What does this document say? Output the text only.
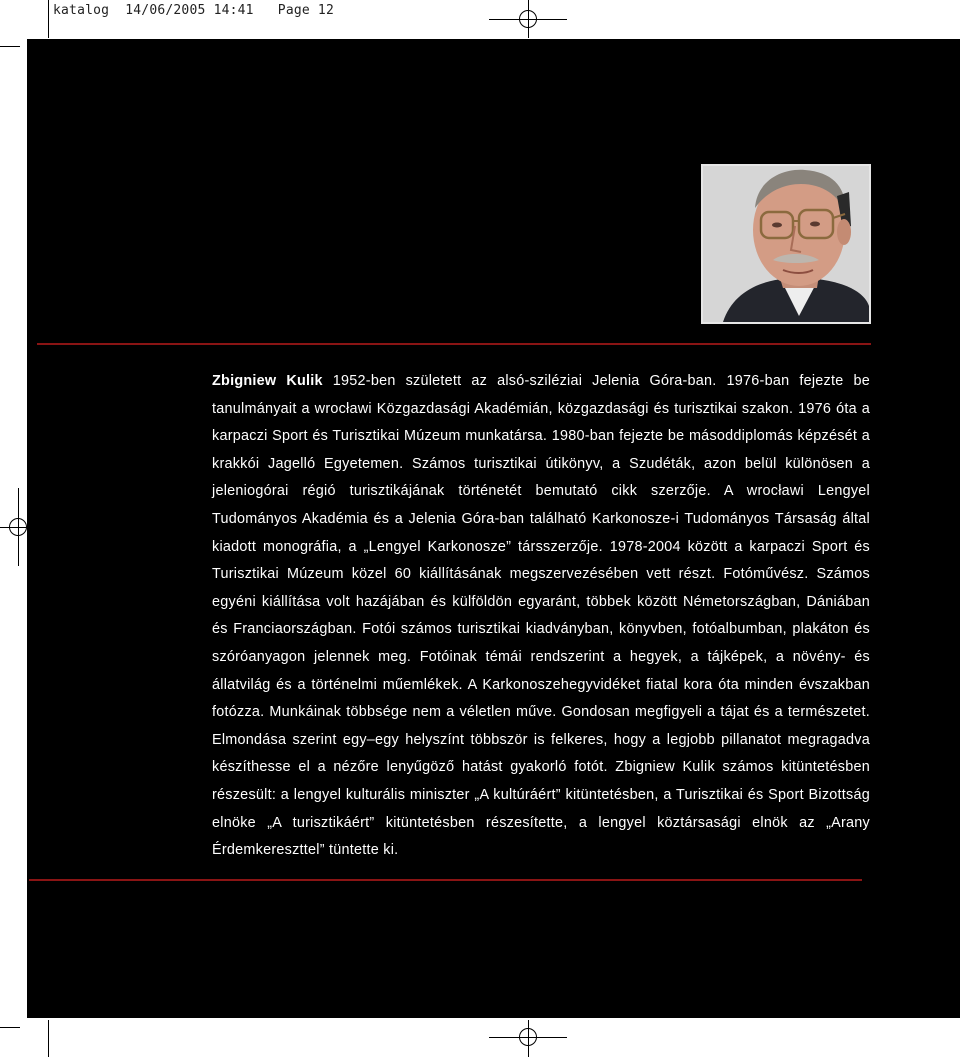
katalog 14/06/2005 14:41 Page 12

Zbigniew Kulik 1952-ben született az alsó-sziléziai Jelenia Góra-ban. 1976-ban fejezte be tanulmányait a wrocławi Közgazdasági Akadémián, közgazdasági és turisztikai szakon. 1976 óta a karpaczi Sport és Turisztikai Múzeum munkatársa. 1980-ban fejezte be másoddiplomás képzését a krakkói Jagelló Egyetemen. Számos turisztikai útikönyv, a Szudéták, azon belül különösen a jeleniogórai régió turisztikájának történetét bemutató cikk szerzője. A wrocławi Lengyel Tudományos Akadémia és a Jelenia Góra-ban található Karkonosze-i Tudományos Társaság által kiadott monográfia, a „Lengyel Karkonosze” társszerzője. 1978-2004 között a karpaczi Sport és Turisztikai Múzeum közel 60 kiállításának megszervezésében vett részt. Fotóművész. Számos egyéni kiállítása volt hazájában és külföldön egyaránt, többek között Németországban, Dániában és Franciaországban. Fotói számos turisztikai kiadványban, könyvben, fotóalbumban, plakáton és szóróanyagon jelennek meg. Fotóinak témái rendszerint a hegyek, a tájképek, a növény- és állatvilág és a történelmi műemlékek. A Karkonoszehegyvidéket fiatal kora óta minden évszakban fotózza. Munkáinak többsége nem a véletlen műve. Gondosan megfigyeli a tájat és a természetet. Elmondása szerint egy–egy helyszínt többször is felkeres, hogy a legjobb pillanatot megragadva készíthesse el a nézőre lenyűgöző hatást gyakorló fotót. Zbigniew Kulik számos kitüntetésben részesült: a lengyel kulturális miniszter „A kultúráért” kitüntetésben, a Turisztikai és Sport Bizottság elnöke „A turisztikáért” kitüntetésben részesítette, a lengyel köztársasági elnök az „Arany Érdemkereszttel” tüntette ki.
